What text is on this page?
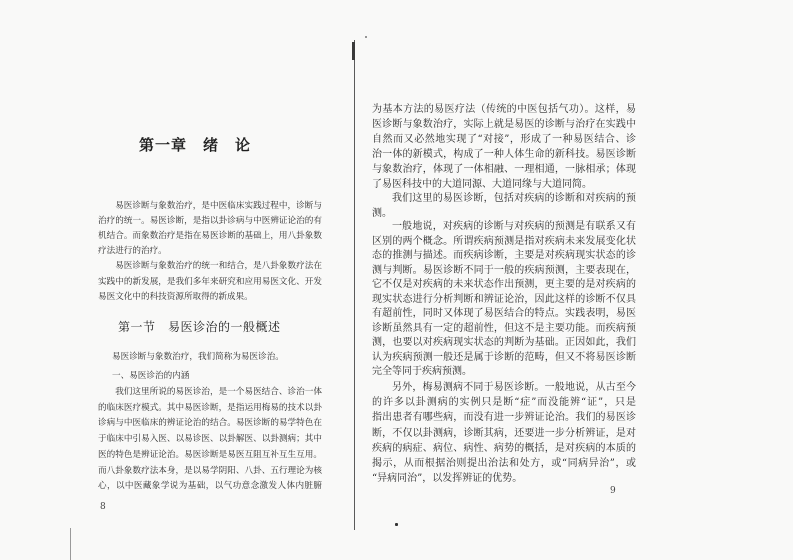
第一章　绪　论
易医诊断与象数治疗，是中医临床实践过程中，诊断与
治疗的统一。易医诊断，是指以卦诊病与中医辨证论治的有
机结合。而象数治疗是指在易医诊断的基础上，用八卦象数
疗法进行的治疗。
易医诊断与象数治疗的统一和结合，是八卦象数疗法在
实践中的新发展，是我们多年来研究和应用易医文化、开发
易医文化中的科技资源所取得的新成果。
第一节　易医诊治的一般概述
易医诊断与象数治疗，我们简称为易医诊治。
一、易医诊治的内涵
我们这里所说的易医诊治，是一个易医结合、诊治一体
的临床医疗模式。其中易医诊断，是指运用梅易的技术以卦
诊病与中医临床的辨证论治的结合。易医诊断的易学特色在
于临床中引易入医、以易诊医、以卦解医、以卦测病；其中
医的特色是辨证论治。易医诊断是易医互阻互补互生互用。
而八卦象数疗法本身，是以易学阴阳、八卦、五行理论为核
心，以中医藏象学说为基础，以气功意念激发人体内脏腑
8
为基本方法的易医疗法（传统的中医包括气功）。这样，易
医诊断与象数治疗，实际上就是易医的诊断与治疗在实践中
自然而又必然地实现了“对接”，形成了一种易医结合、诊
治一体的新模式，构成了一种人体生命的新科技。易医诊断
与象数治疗，体现了一体相融、一理相通，一脉相承；体现
了易医科技中的大道同源、大道同缘与大道同简。
我们这里的易医诊断，包括对疾病的诊断和对疾病的预
测。
一般地说，对疾病的诊断与对疾病的预测是有联系又有
区别的两个概念。所谓疾病预测是指对疾病未来发展变化状
态的推测与描述。而疾病诊断，主要是对疾病现实状态的诊
测与判断。易医诊断不同于一般的疾病预测，主要表现在，
它不仅是对疾病的未来状态作出预测，更主要的是对疾病的
现实状态进行分析判断和辨证论治，因此这样的诊断不仅具
有超前性，同时又体现了易医结合的特点。实践表明，易医
诊断虽然具有一定的超前性，但这不是主要功能。而疾病预
测，也要以对疾病现实状态的判断为基础。正因如此，我们
认为疾病预测一般还是属于诊断的范畴，但又不将易医诊断
完全等同于疾病预测。
另外，梅易测病不同于易医诊断。一般地说，从古至今
的许多以卦测病的实例只是断“症”而没能辨“证”，只是
指出患者有哪些病，而没有进一步辨证论治。我们的易医诊
断，不仅以卦测病，诊断其病，还要进一步分析辨证，是对
疾病的病症、病位、病性、病势的概括，是对疾病的本质的
揭示，从而根据治则提出治法和处方，或“同病异治”，或
“异病同治”，以发挥辨证的优势。
9
